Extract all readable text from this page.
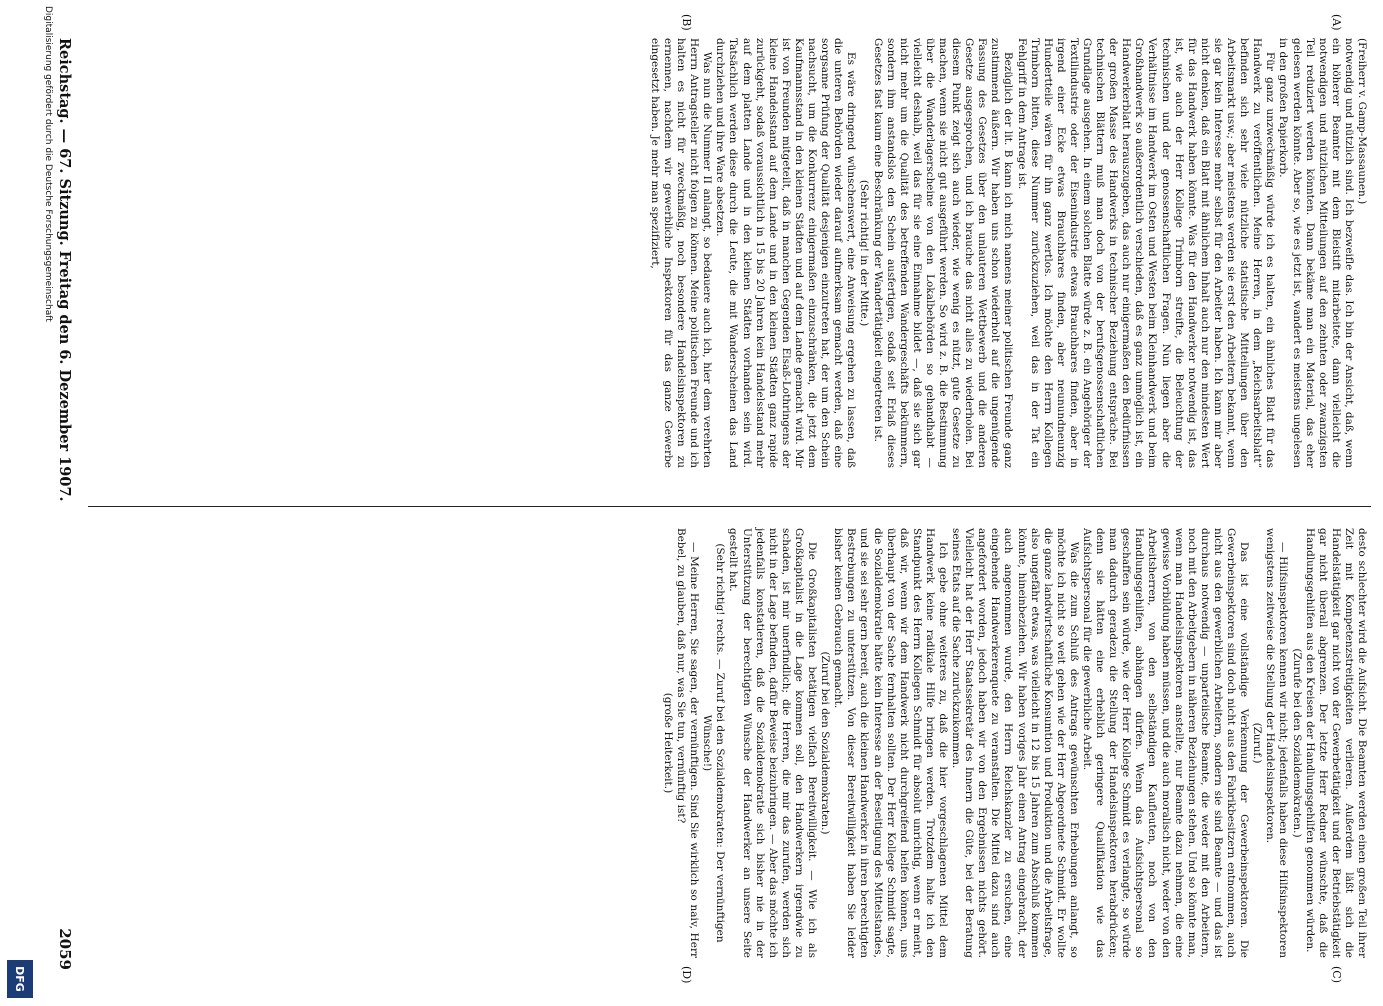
Reichstag. — 67. Sitzung. Freitag den 6. Dezember 1907.
2059
(A)
(B)
(C)
(D)

(Freiherr v. Gamp-Massaunen.)

notwendig und nützlich sind. Ich bezweifle das. Ich bin der Ansicht, daß, wenn ein höherer Beamter mit dem Bleistift mitarbeitete, dann vielleicht die notwendigen und nützlichen Mitteilungen auf den zehnten oder zwanzigsten Teil reduziert werden könnten. Dann bekäme man ein Material, das eher gelesen werden könnte. Aber so, wie es jetzt ist, wandert es meistens ungelesen in den großen Papierkorb.

Für ganz unzweckmäßig würde ich es halten, ein ähnliches Blatt für das Handwerk zu veröffentlichen. Meine Herren, in dem „Reichsarbeitsblatt“ befinden sich sehr viele nützliche statistische Mitteilungen über den Arbeitsmarkt usw.; aber meistens werden sie erst den Arbeitern bekannt, wenn sie gar kein Interesse mehr selbst für den Arbeiter haben. Ich kann mir aber nicht denken, daß ein Blatt mit ähnlichem Inhalt auch nur den mindesten Wert für das Handwerk haben könnte. Was für den Handwerker notwendig ist, das ist, wie auch der Herr Kollege Trimborn streifte, die Beleuchtung der technischen und der genossenschaftlichen Fragen. Nun liegen aber die Verhältnisse im Handwerk im Osten und Westen beim Kleinhandwerk und beim Großhandwerk so außerordentlich verschieden, daß es ganz unmöglich ist, ein Handwerkerblatt herauszugeben, das auch nur einigermaßen den Bedürfnissen der großen Masse des Handwerks in technischer Beziehung entspräche. Bei technischen Blättern muß man doch von der berufsgenossenschaftlichen Grundlage ausgehen. In einem solchen Blatte würde z. B. ein Angehöriger der Textilindustrie oder der Eisenindustrie etwas Brauchbares finden, aber in irgend einer Ecke etwas Brauchbares finden, aber neunundneunzig Hundertteile wären für ihn ganz wertlos. Ich möchte den Herrn Kollegen Trimborn bitten, diese Nummer zurückzuziehen, weil das in der Tat ein Fehlgriff in dem Antrage ist.

Bezüglich der lit. B kann ich mich namens meiner politischen Freunde ganz zustimmend äußern. Wir haben uns schon wiederholt auf die ungenügende Fassung des Gesetzes über den unlauteren Wettbewerb und die anderen Gesetze ausgesprochen, und ich brauche das nicht alles zu wiederholen. Bei diesem Punkt zeigt sich auch wieder, wie wenig es nützt, gute Gesetze zu machen, wenn sie nicht gut ausgeführt werden. So wird z. B. die Bestimmung über die Wanderlagerscheine von den Lokalbehörden so gehandhabt — vielleicht deshalb, weil das für sie eine Einnahme bildet —, daß sie sich gar nicht mehr um die Qualität des betreffenden Wandergeschäfts bekümmern, sondern ihm anstandslos den Schein ausfertigen, sodaß seit Erlaß dieses Gesetzes fast kaum eine Beschränkung der Wandertätigkeit eingetreten ist.

(Sehr richtig! in der Mitte.)

Es wäre dringend wünschenswert, eine Anweisung ergehen zu lassen, daß die unteren Behörden wieder darauf aufmerksam gemacht werden, daß eine sorgsame Prüfung der Qualität desjenigen einzutreten hat, der um den Schein nachsucht, um die Konkurrenz einigermaßen einzuschränken, die jetzt dem Kaufmannsstand in den kleinen Städten und auf dem Lande gemacht wird. Mir ist von Freunden mitgeteilt, daß in manchen Gegenden Elsaß-Lothringens der kleine Handelsstand auf dem Lande und in den kleinen Städten ganz rapide zurückgeht, sodaß voraussichtlich in 15 bis 20 Jahren kein Handelsstand mehr auf dem platten Lande und in den kleinen Städten vorhanden sein wird. Tatsächlich werden diese durch die Leute, die mit Wanderscheinen das Land durchziehen und ihre Ware absetzen.

Was nun die Nummer II anlangt, so bedauere auch ich, hier dem verehrten Herrn Antragsteller nicht folgen zu können. Meine politischen Freunde und ich halten es nicht für zweckmäßig, noch besondere Handelsinspektoren zu ernennen, nachdem wir gewerbliche Inspektoren für das ganze Gewerbe eingesetzt haben. Je mehr man spezifiziert,

desto schlechter wird die Aufsicht. Die Beamten werden einen großen Teil ihrer Zeit mit Kompetenzstreitigkeiten verlieren. Außerdem läßt sich die Handelstätigkeit gar nicht von der Gewerbetätigkeit und der Betriebstätigkeit gar nicht überall abgrenzen. Der letzte Herr Redner wünschte, daß die Handlungsgehilfen aus den Kreisen der Handlungsgehilfen genommen würden.

(Zurufe bei den Sozialdemokraten.)

— Hilfsinspektoren kennen wir nicht; jedenfalls haben diese Hilfsinspektoren wenigstens zeitweise die Stellung der Handelsinspektoren.

(Zuruf.)

Das ist eine vollständige Verkennung der Gewerbeinspektoren. Die Gewerbeinspektoren sind doch nicht aus den Fabrikbesitzern entnommen, auch nicht aus den gewerblichen Arbeitern, sondern sie sind Beamte — und das ist durchaus notwendig — unparteiische Beamte, die weder mit den Arbeitern, noch mit den Arbeitgebern in näheren Beziehungen stehen. Und so könnte man, wenn man Handelsinspektoren anstellte, nur Beamte dazu nehmen, die eine gewisse Vorbildung haben müssen, und die auch moralisch nicht, weder von den Arbeitsherren, von den selbständigen Kaufleuten, noch von den Handlungsgehilfen, abhängen dürfen. Wenn das Aufsichtspersonal so geschaffen sein würde, wie der Herr Kollege Schmidt es verlangte, so würde man dadurch geradezu die Stellung der Handelsinspektoren herabdrücken; denn sie hätten eine erheblich geringere Qualifikation wie das Aufsichtspersonal für die gewerbliche Arbeit.

Was die zum Schluß des Antrags gewünschten Erhebungen anlangt, so möchte ich nicht so weit gehen wie der Herr Abgeordnete Schmidt. Er wollte die ganze landwirtschaftliche Konsumtion und Produktion und die Arbeitsfrage, also ungefähr etwas, was vielleicht in 12 bis 15 Jahren zum Abschluß kommen könnte, hineinbeziehen. Wir haben voriges Jahr einen Antrag eingebracht, der auch angenommen wurde, den Herrn Reichskanzler zu ersuchen, eine eingehende Handwerkerenquete zu veranstalten. Die Mittel dazu sind auch angefordert worden, jedoch haben wir von den Ergebnissen nichts gehört. Vielleicht hat der Herr Staatssekretär des Innern die Güte, bei der Beratung seines Etats auf die Sache zurückzukommen.

Ich gebe ohne weiteres zu, daß die hier vorgeschlagenen Mittel dem Handwerk keine radikale Hilfe bringen werden. Trotzdem halte ich den Standpunkt des Herrn Kollegen Schmidt für absolut unrichtig, wenn er meint, daß wir, wenn wir dem Handwerk nicht durchgreifend helfen können, uns überhaupt von der Sache fernhalten sollten. Der Herr Kollege Schmidt sagte, die Sozialdemokratie hätte kein Interesse an der Beseitigung des Mittelstandes, und sie sei sehr gern bereit, auch die kleinen Handwerker in ihren berechtigten Bestrebungen zu unterstützen. Von dieser Bereitwilligkeit haben Sie leider bisher keinen Gebrauch gemacht.

(Zuruf bei den Sozialdemokraten.)

Die Großkapitalisten betätigen vielfach Bereitwilligkeit. — Wie ich als Großkapitalist in die Lage kommen soll, den Handwerkern irgendwie zu schaden, ist mir unerfindlich; die Herren, die mir das zurufen, werden sich nicht in der Lage befinden, dafür Beweise beizubringen. — Aber das möchte ich jedenfalls konstatieren, daß die Sozialdemokratie sich bisher nie in der Unterstützung der berechtigten Wünsche der Handwerker an unsere Seite gestellt hat.

(Sehr richtig! rechts. — Zuruf bei den Sozialdemokraten: Der vernünftigen Wünsche!)

— Meine Herren, Sie sagen, der vernünftigen. Sind Sie wirklich so naiv, Herr Bebel, zu glauben, daß nur, was Sie tun, vernünftig ist?

(große Heiterkeit.)

Digitalisierung gefördert durch die Deutsche Forschungsgemeinschaft
DFG
